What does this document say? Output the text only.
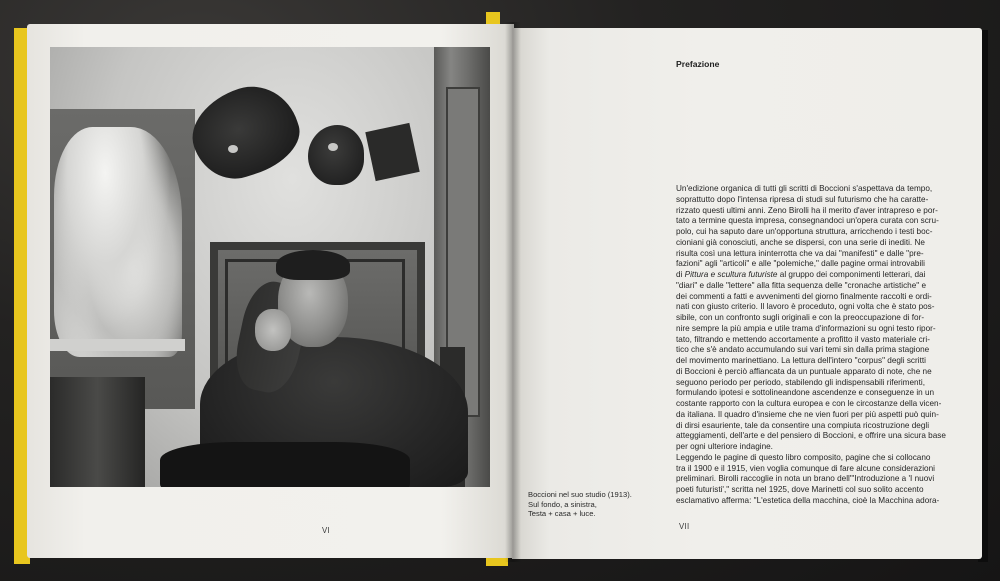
Boccioni nel suo studio (1913).
Sul fondo, a sinistra,
Testa + casa + luce.
VI
Prefazione
Un'edizione organica di tutti gli scritti di Boccioni s'aspettava da tempo,
soprattutto dopo l'intensa ripresa di studi sul futurismo che ha caratte-
rizzato questi ultimi anni. Zeno Birolli ha il merito d'aver intrapreso e por-
tato a termine questa impresa, consegnandoci un'opera curata con scru-
polo, cui ha saputo dare un'opportuna struttura, arricchendo i testi boc-
cioniani già conosciuti, anche se dispersi, con una serie di inediti. Ne
risulta così una lettura ininterrotta che va dai "manifesti" e dalle "pre-
fazioni" agli "articoli" e alle "polemiche," dalle pagine ormai introvabili
di Pittura e scultura futuriste al gruppo dei componimenti letterari, dai
"diari" e dalle "lettere" alla fitta sequenza delle "cronache artistiche" e
dei commenti a fatti e avvenimenti del giorno finalmente raccolti e ordi-
nati con giusto criterio. Il lavoro è proceduto, ogni volta che è stato pos-
sibile, con un confronto sugli originali e con la preoccupazione di for-
nire sempre la più ampia e utile trama d'informazioni su ogni testo ripor-
tato, filtrando e mettendo accortamente a profitto il vasto materiale cri-
tico che s'è andato accumulando sui vari temi sin dalla prima stagione
del movimento marinettiano. La lettura dell'intero "corpus" degli scritti
di Boccioni è perciò affiancata da un puntuale apparato di note, che ne
seguono periodo per periodo, stabilendo gli indispensabili riferimenti,
formulando ipotesi e sottolineandone ascendenze e conseguenze in un
costante rapporto con la cultura europea e con le circostanze della vicen-
da italiana. Il quadro d'insieme che ne vien fuori per più aspetti può quin-
di dirsi esauriente, tale da consentire una compiuta ricostruzione degli
atteggiamenti, dell'arte e del pensiero di Boccioni, e offrire una sicura base
per ogni ulteriore indagine.
Leggendo le pagine di questo libro composito, pagine che si collocano
tra il 1900 e il 1915, vien voglia comunque di fare alcune considerazioni
preliminari. Birolli raccoglie in nota un brano dell'"Introduzione a 'I nuovi
poeti futuristi'," scritta nel 1925, dove Marinetti col suo solito accento
esclamativo afferma: "L'estetica della macchina, cioè la Macchina adora-
VII
